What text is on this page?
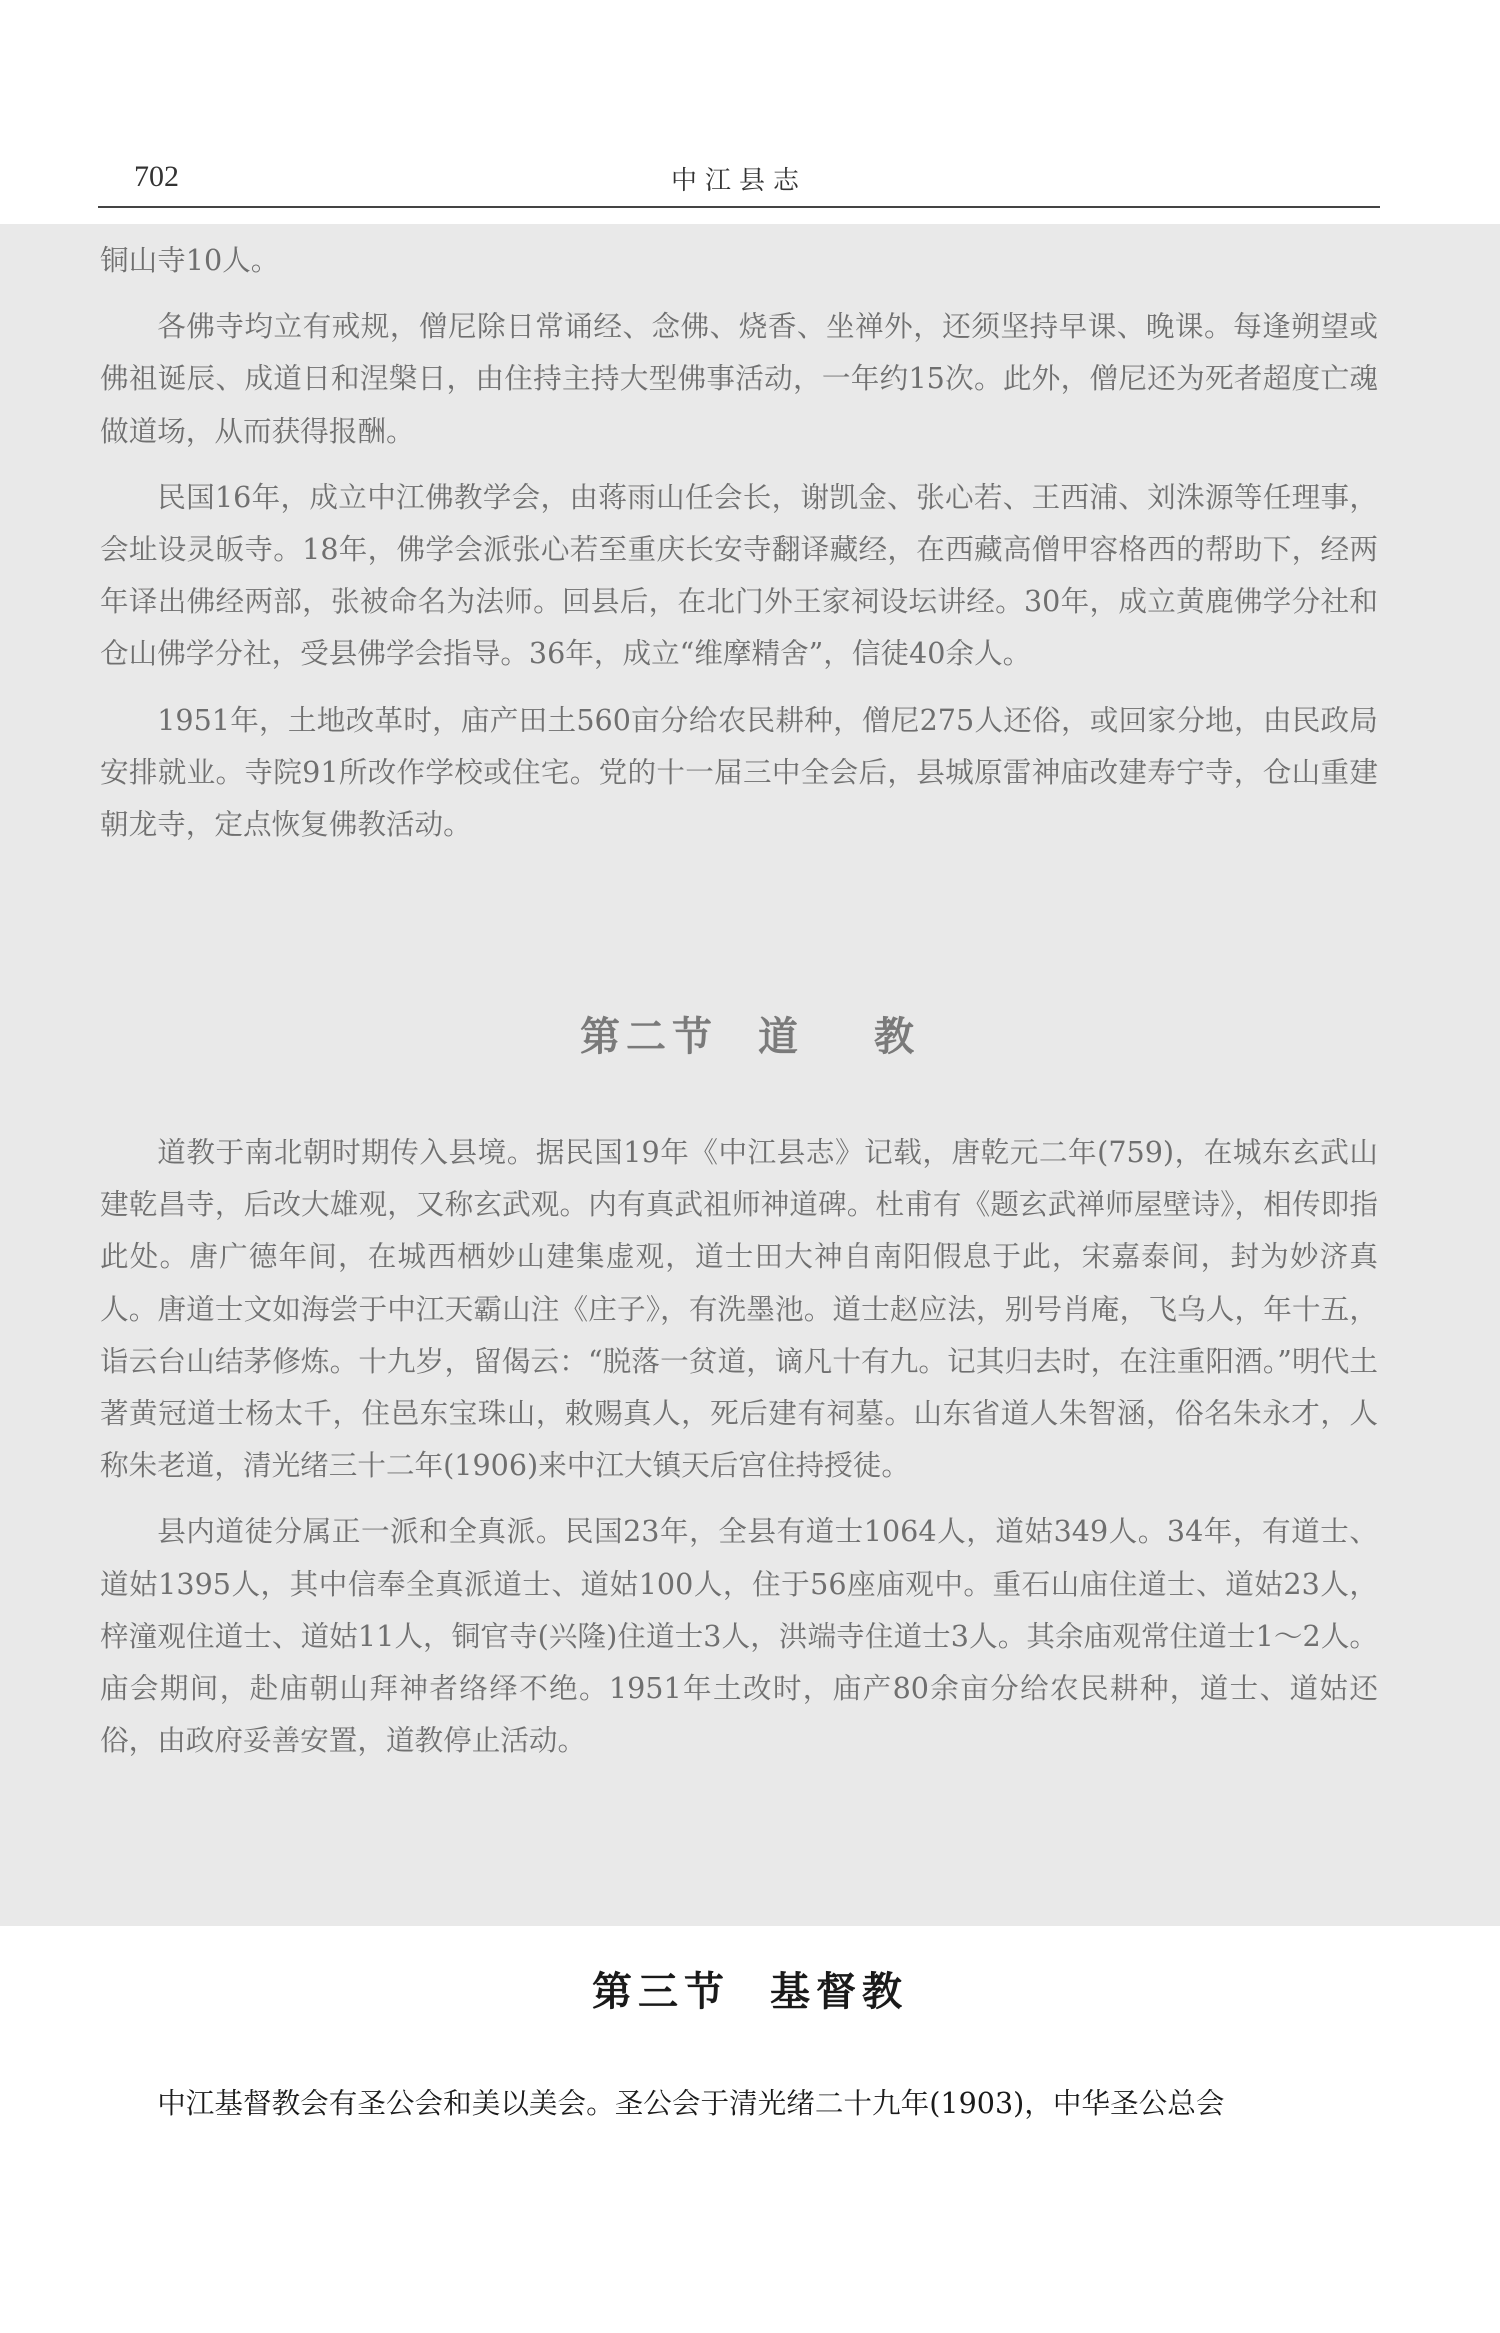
702	中江县志

铜山寺10人。

各佛寺均立有戒规，僧尼除日常诵经、念佛、烧香、坐禅外，还须坚持早课、晚课。每逢朔望或佛祖诞辰、成道日和涅槃日，由住持主持大型佛事活动，一年约15次。此外，僧尼还为死者超度亡魂做道场，从而获得报酬。

民国16年，成立中江佛教学会，由蒋雨山任会长，谢凯金、张心若、王西浦、刘洙源等任理事，会址设灵皈寺。18年，佛学会派张心若至重庆长安寺翻译藏经，在西藏高僧甲容格西的帮助下，经两年译出佛经两部，张被命名为法师。回县后，在北门外王家祠设坛讲经。30年，成立黄鹿佛学分社和仓山佛学分社，受县佛学会指导。36年，成立“维摩精舍”，信徒40余人。

1951年，土地改革时，庙产田土560亩分给农民耕种，僧尼275人还俗，或回家分地，由民政局安排就业。寺院91所改作学校或住宅。党的十一届三中全会后，县城原雷神庙改建寿宁寺，仓山重建朝龙寺，定点恢复佛教活动。

第二节 道 教

道教于南北朝时期传入县境。据民国19年《中江县志》记载，唐乾元二年(759)，在城东玄武山建乾昌寺，后改大雄观，又称玄武观。内有真武祖师神道碑。杜甫有《题玄武禅师屋壁诗》，相传即指此处。唐广德年间，在城西栖妙山建集虚观，道士田大神自南阳假息于此，宋嘉泰间，封为妙济真人。唐道士文如海尝于中江天霸山注《庄子》，有洗墨池。道士赵应法，别号肖庵，飞乌人，年十五，诣云台山结茅修炼。十九岁，留偈云：“脱落一贫道，谪凡十有九。记其归去时，在注重阳酒。”明代土著黄冠道士杨太千，住邑东宝珠山，敕赐真人，死后建有祠墓。山东省道人朱智涵，俗名朱永才，人称朱老道，清光绪三十二年(1906)来中江大镇天后宫住持授徒。

县内道徒分属正一派和全真派。民国23年，全县有道士1064人，道姑349人。34年，有道士、道姑1395人，其中信奉全真派道士、道姑100人，住于56座庙观中。重石山庙住道士、道姑23人，梓潼观住道士、道姑11人，铜官寺(兴隆)住道士3人，洪端寺住道士3人。其余庙观常住道士1～2人。庙会期间，赴庙朝山拜神者络绎不绝。1951年土改时，庙产80余亩分给农民耕种，道士、道姑还俗，由政府妥善安置，道教停止活动。

第三节 基督教

中江基督教会有圣公会和美以美会。圣公会于清光绪二十九年(1903)，中华圣公总会
